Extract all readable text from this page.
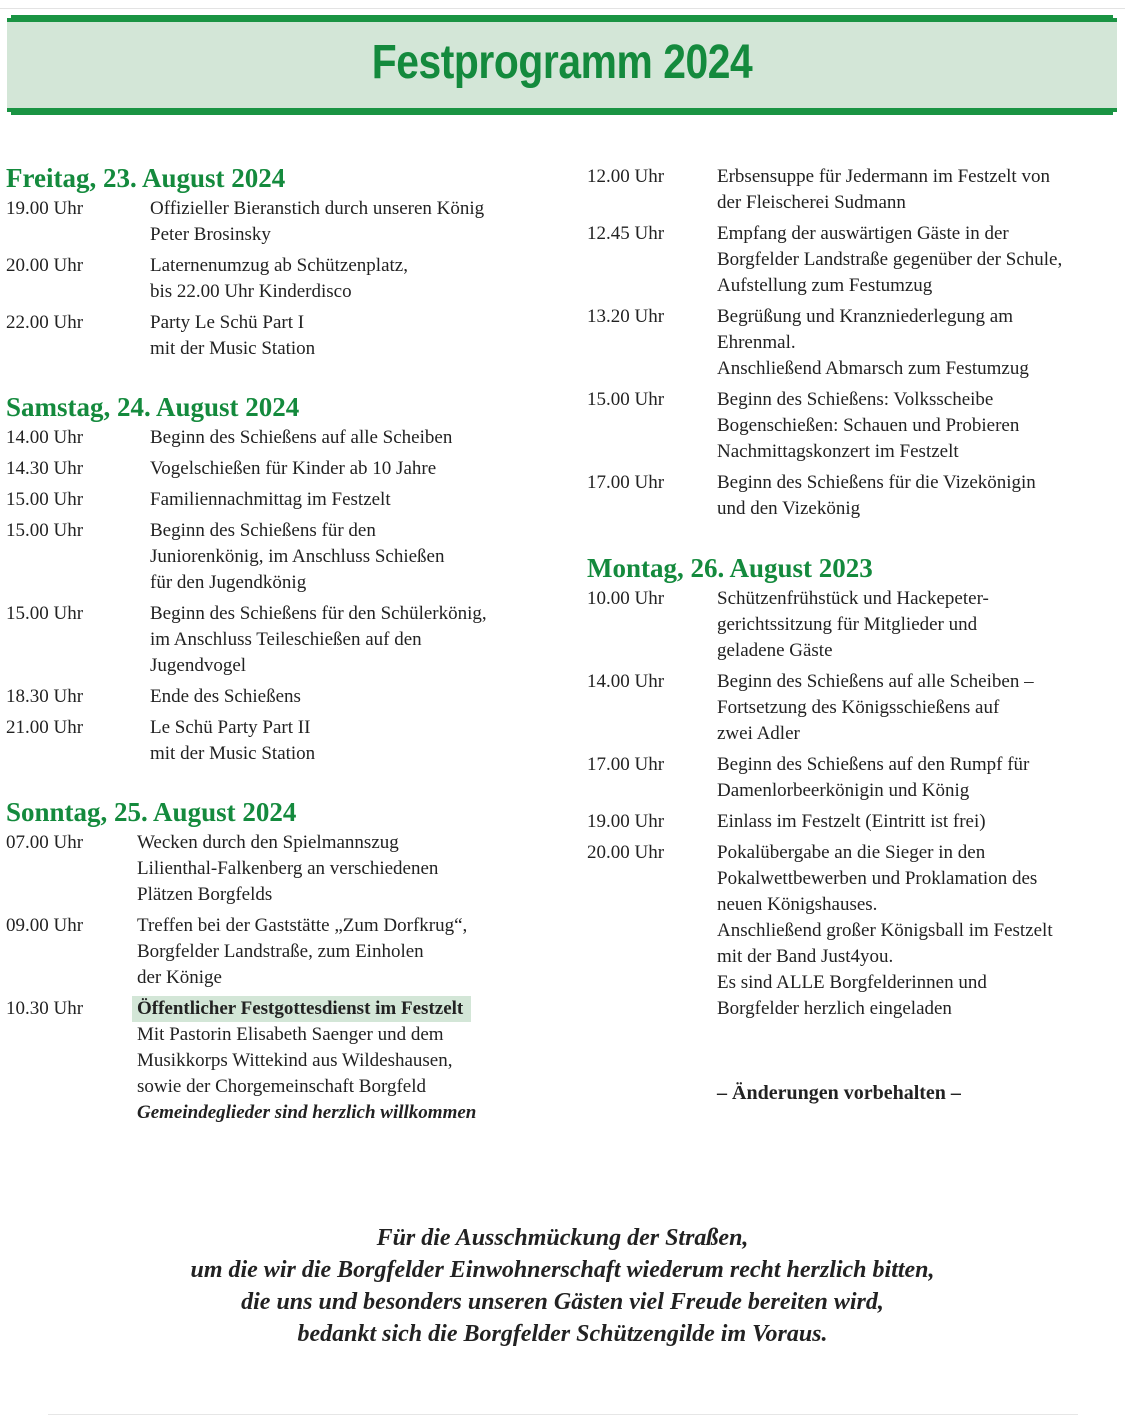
Festprogramm 2024
Freitag, 23. August 2024
19.00 Uhr	Offizieller Bieranstich durch unseren König
Peter Brosinsky
20.00 Uhr	Laternenumzug ab Schützenplatz,
bis 22.00 Uhr Kinderdisco
22.00 Uhr	Party Le Schü Part I
mit der Music Station
Samstag, 24. August 2024
14.00 Uhr	Beginn des Schießens auf alle Scheiben
14.30 Uhr	Vogelschießen für Kinder ab 10 Jahre
15.00 Uhr	Familiennachmittag im Festzelt
15.00 Uhr	Beginn des Schießens für den
Juniorenkönig, im Anschluss Schießen
für den Jugendkönig
15.00 Uhr	Beginn des Schießens für den Schülerkönig,
im Anschluss Teileschießen auf den
Jugendvogel
18.30 Uhr	Ende des Schießens
21.00 Uhr	Le Schü Party Part II
mit der Music Station
Sonntag, 25. August 2024
07.00 Uhr	Wecken durch den Spielmannszug
Lilienthal-Falkenberg an verschiedenen
Plätzen Borgfelds
09.00 Uhr	Treffen bei der Gaststätte „Zum Dorfkrug“,
Borgfelder Landstraße, zum Einholen
der Könige
10.30 Uhr	Öffentlicher Festgottesdienst im Festzelt
Mit Pastorin Elisabeth Saenger und dem
Musikkorps Wittekind aus Wildeshausen,
sowie der Chorgemeinschaft Borgfeld
Gemeindeglieder sind herzlich willkommen
12.00 Uhr	Erbsensuppe für Jedermann im Festzelt von
der Fleischerei Sudmann
12.45 Uhr	Empfang der auswärtigen Gäste in der
Borgfelder Landstraße gegenüber der Schule,
Aufstellung zum Festumzug
13.20 Uhr	Begrüßung und Kranzniederlegung am
Ehrenmal.
Anschließend Abmarsch zum Festumzug
15.00 Uhr	Beginn des Schießens: Volksscheibe
Bogenschießen: Schauen und Probieren
Nachmittagskonzert im Festzelt
17.00 Uhr	Beginn des Schießens für die Vizekönigin
und den Vizekönig
Montag, 26. August 2023
10.00 Uhr	Schützenfrühstück und Hackepeter-
gerichtssitzung für Mitglieder und
geladene Gäste
14.00 Uhr	Beginn des Schießens auf alle Scheiben –
Fortsetzung des Königsschießens auf
zwei Adler
17.00 Uhr	Beginn des Schießens auf den Rumpf für
Damenlorbeerkönigin und König
19.00 Uhr	Einlass im Festzelt (Eintritt ist frei)
20.00 Uhr	Pokalübergabe an die Sieger in den
Pokalwettbewerben und Proklamation des
neuen Königshauses.
Anschließend großer Königsball im Festzelt
mit der Band Just4you.
Es sind ALLE Borgfelderinnen und
Borgfelder herzlich eingeladen
– Änderungen vorbehalten –
Für die Ausschmückung der Straßen,
um die wir die Borgfelder Einwohnerschaft wiederum recht herzlich bitten,
die uns und besonders unseren Gästen viel Freude bereiten wird,
bedankt sich die Borgfelder Schützengilde im Voraus.
